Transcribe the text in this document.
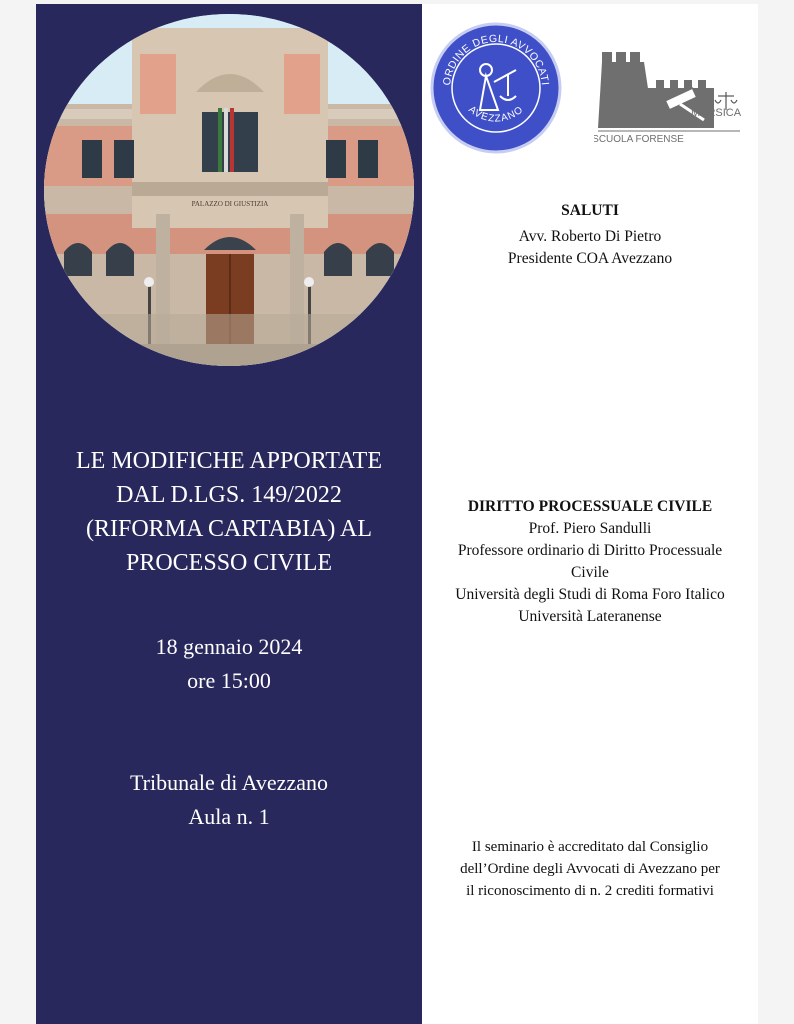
PALAZZO DI GIUSTIZIA
LE MODIFICHE APPORTATE
DAL D.LGS. 149/2022
(RIFORMA CARTABIA) AL
PROCESSO CIVILE
18 gennaio 2024
ore 15:00
Tribunale di Avezzano
Aula n. 1
ORDINE DEGLI AVVOCATI
AVEZZANO	MARSICA
SCUOLA FORENSE
SALUTI
Avv. Roberto Di Pietro
Presidente COA Avezzano
DIRITTO PROCESSUALE CIVILE
Prof. Piero Sandulli
Professore ordinario di Diritto Processuale
Civile
Università degli Studi di Roma Foro Italico
Università Lateranense
Il seminario è accreditato dal Consiglio
dell’Ordine degli Avvocati di Avezzano per
il riconoscimento di n. 2 crediti formativi
